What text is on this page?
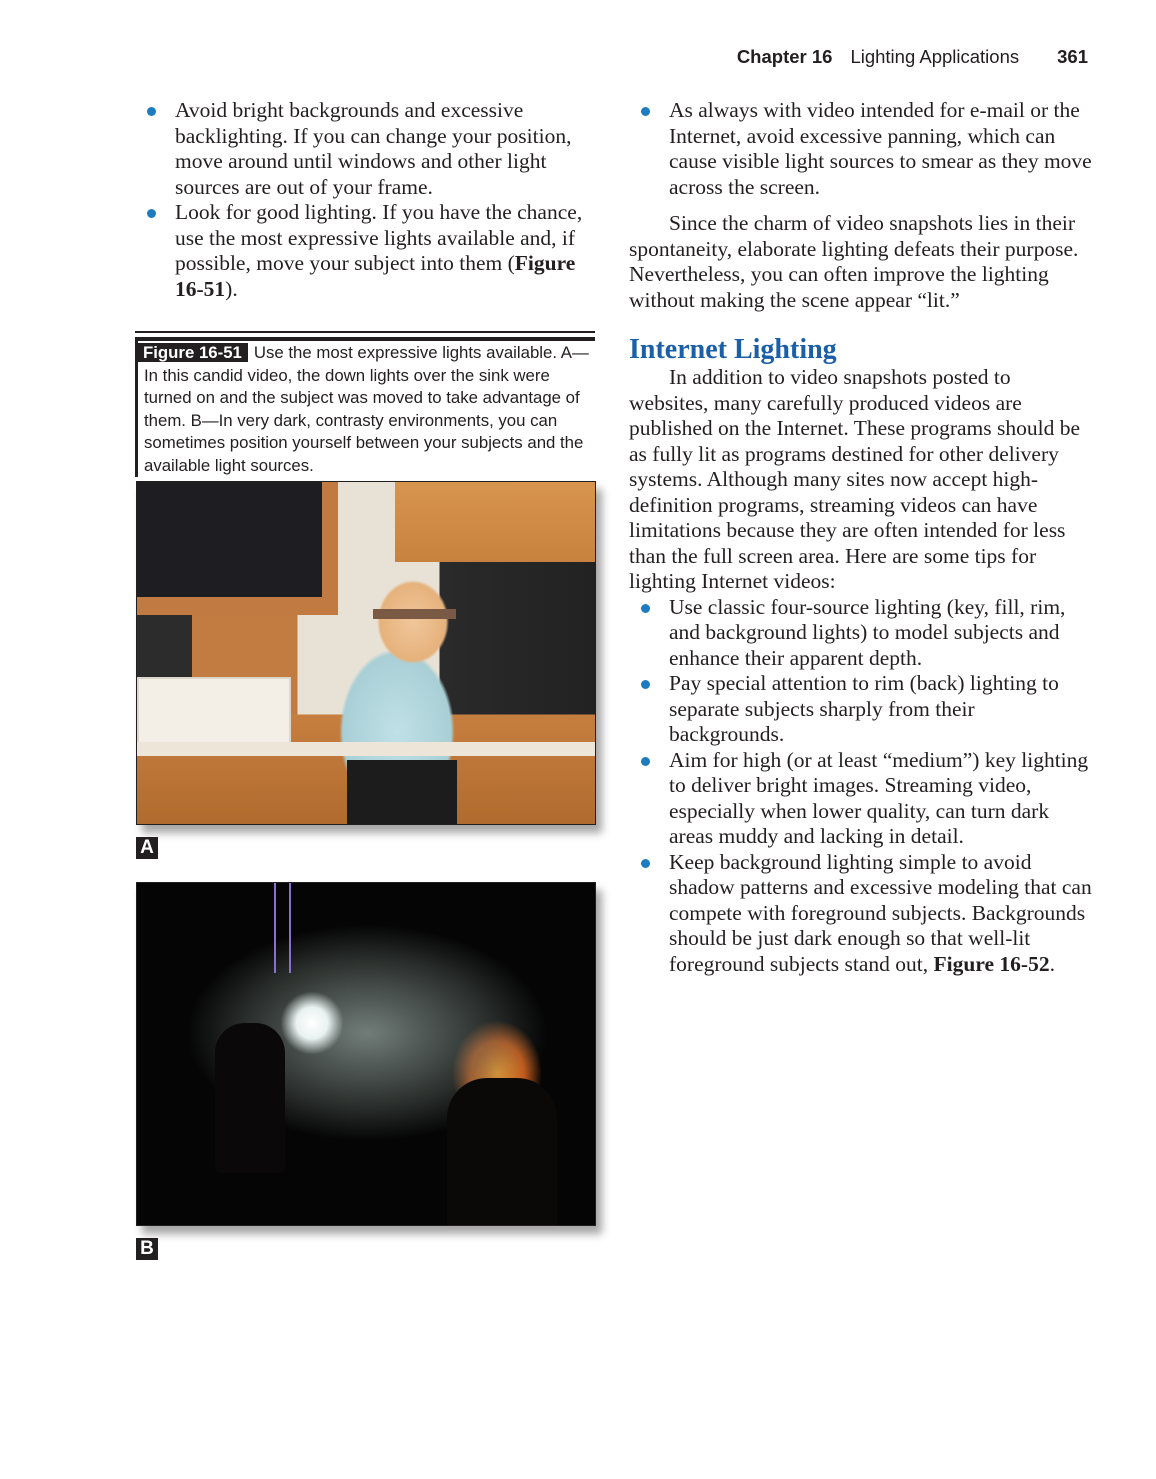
Chapter 16 Lighting Applications 361
Avoid bright backgrounds and excessive backlighting. If you can change your position, move around until windows and other light sources are out of your frame.
Look for good lighting. If you have the chance, use the most expressive lights available and, if possible, move your subject into them (Figure 16-51).
Figure 16-51 Use the most expressive lights available. A—In this candid video, the down lights over the sink were turned on and the subject was moved to take advantage of them. B—In very dark, contrasty environments, you can sometimes position yourself between your subjects and the available light sources.
A
B
As always with video intended for e-mail or the Internet, avoid excessive panning, which can cause visible light sources to smear as they move across the screen.

Since the charm of video snapshots lies in their spontaneity, elaborate lighting defeats their purpose. Nevertheless, you can often improve the lighting without making the scene appear “lit.”

Internet Lighting

In addition to video snapshots posted to websites, many carefully produced videos are published on the Internet. These programs should be as fully lit as programs destined for other delivery systems. Although many sites now accept high-definition programs, streaming videos can have limitations because they are often intended for less than the full screen area. Here are some tips for lighting Internet videos:

Use classic four-source lighting (key, fill, rim, and background lights) to model subjects and enhance their apparent depth.
Pay special attention to rim (back) lighting to separate subjects sharply from their backgrounds.
Aim for high (or at least “medium”) key lighting to deliver bright images. Streaming video, especially when lower quality, can turn dark areas muddy and lacking in detail.
Keep background lighting simple to avoid shadow patterns and excessive modeling that can compete with foreground subjects. Backgrounds should be just dark enough so that well-lit foreground subjects stand out, Figure 16-52.
